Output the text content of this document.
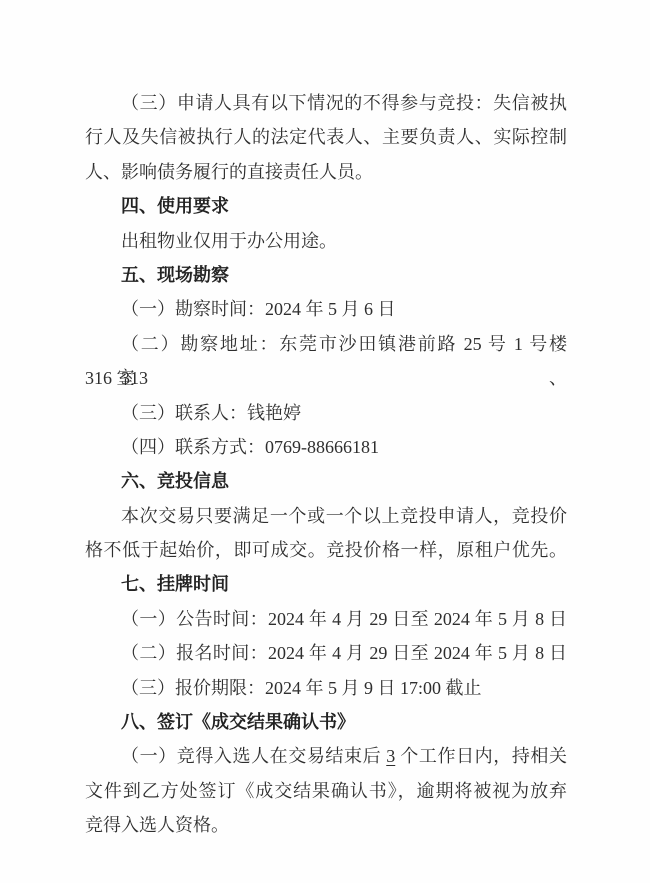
（三）申请人具有以下情况的不得参与竞投：失信被执
行人及失信被执行人的法定代表人、主要负责人、实际控制
人、影响债务履行的直接责任人员。
四、使用要求
出租物业仅用于办公用途。
五、现场勘察
（一）勘察时间：2024 年 5 月 6 日
（二）勘察地址：东莞市沙田镇港前路 25 号 1 号楼 313、
316 室
（三）联系人：钱艳婷
（四）联系方式：0769-88666181
六、竞投信息
本次交易只要满足一个或一个以上竞投申请人，竞投价
格不低于起始价，即可成交。竞投价格一样，原租户优先。
七、挂牌时间
（一）公告时间：2024 年 4 月 29 日至 2024 年 5 月 8 日
（二）报名时间：2024 年 4 月 29 日至 2024 年 5 月 8 日
（三）报价期限：2024 年 5 月 9 日 17:00 截止
八、签订《成交结果确认书》
（一）竞得入选人在交易结束后 3 个工作日内，持相关
文件到乙方处签订《成交结果确认书》，逾期将被视为放弃
竞得入选人资格。
